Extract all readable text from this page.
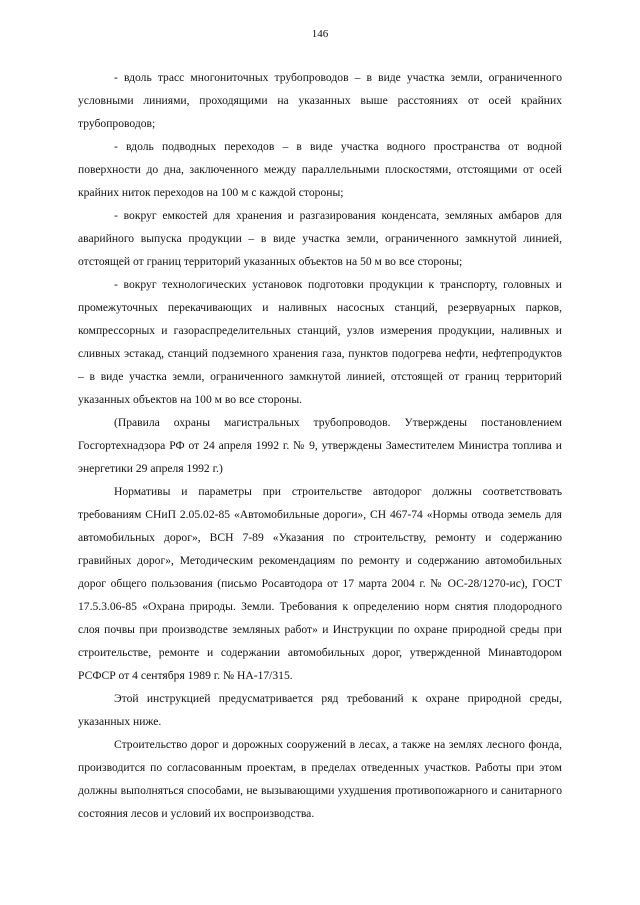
146

- вдоль трасс многониточных трубопроводов – в виде участка земли, ограниченного условными линиями, проходящими на указанных выше расстояниях от осей крайних трубопроводов;

- вдоль подводных переходов – в виде участка водного пространства от водной поверхности до дна, заключенного между параллельными плоскостями, отстоящими от осей крайних ниток переходов на 100 м с каждой стороны;

- вокруг емкостей для хранения и разгазирования конденсата, земляных амбаров для аварийного выпуска продукции – в виде участка земли, ограниченного замкнутой линией, отстоящей от границ территорий указанных объектов на 50 м во все стороны;

- вокруг технологических установок подготовки продукции к транспорту, головных и промежуточных перекачивающих и наливных насосных станций, резервуарных парков, компрессорных и газораспределительных станций, узлов измерения продукции, наливных и сливных эстакад, станций подземного хранения газа, пунктов подогрева нефти, нефтепродуктов – в виде участка земли, ограниченного замкнутой линией, отстоящей от границ территорий указанных объектов на 100 м во все стороны.

(Правила охраны магистральных трубопроводов. Утверждены постановлением Госгортехнадзора РФ от 24 апреля 1992 г. № 9, утверждены Заместителем Министра топлива и энергетики 29 апреля 1992 г.)

Нормативы и параметры при строительстве автодорог должны соответствовать требованиям СНиП 2.05.02-85 «Автомобильные дороги», СН 467-74 «Нормы отвода земель для автомобильных дорог», ВСН 7-89 «Указания по строительству, ремонту и содержанию гравийных дорог», Методическим рекомендациям по ремонту и содержанию автомобильных дорог общего пользования (письмо Росавтодора от 17 марта 2004 г. № ОС-28/1270-ис), ГОСТ 17.5.3.06-85 «Охрана природы. Земли. Требования к определению норм снятия плодородного слоя почвы при производстве земляных работ» и Инструкции по охране природной среды при строительстве, ремонте и содержании автомобильных дорог, утвержденной Минавтодором РСФСР от 4 сентября 1989 г. № НА-17/315.

Этой инструкцией предусматривается ряд требований к охране природной среды, указанных ниже.

Строительство дорог и дорожных сооружений в лесах, а также на землях лесного фонда, производится по согласованным проектам, в пределах отведенных участков. Работы при этом должны выполняться способами, не вызывающими ухудшения противопожарного и санитарного состояния лесов и условий их воспроизводства.
